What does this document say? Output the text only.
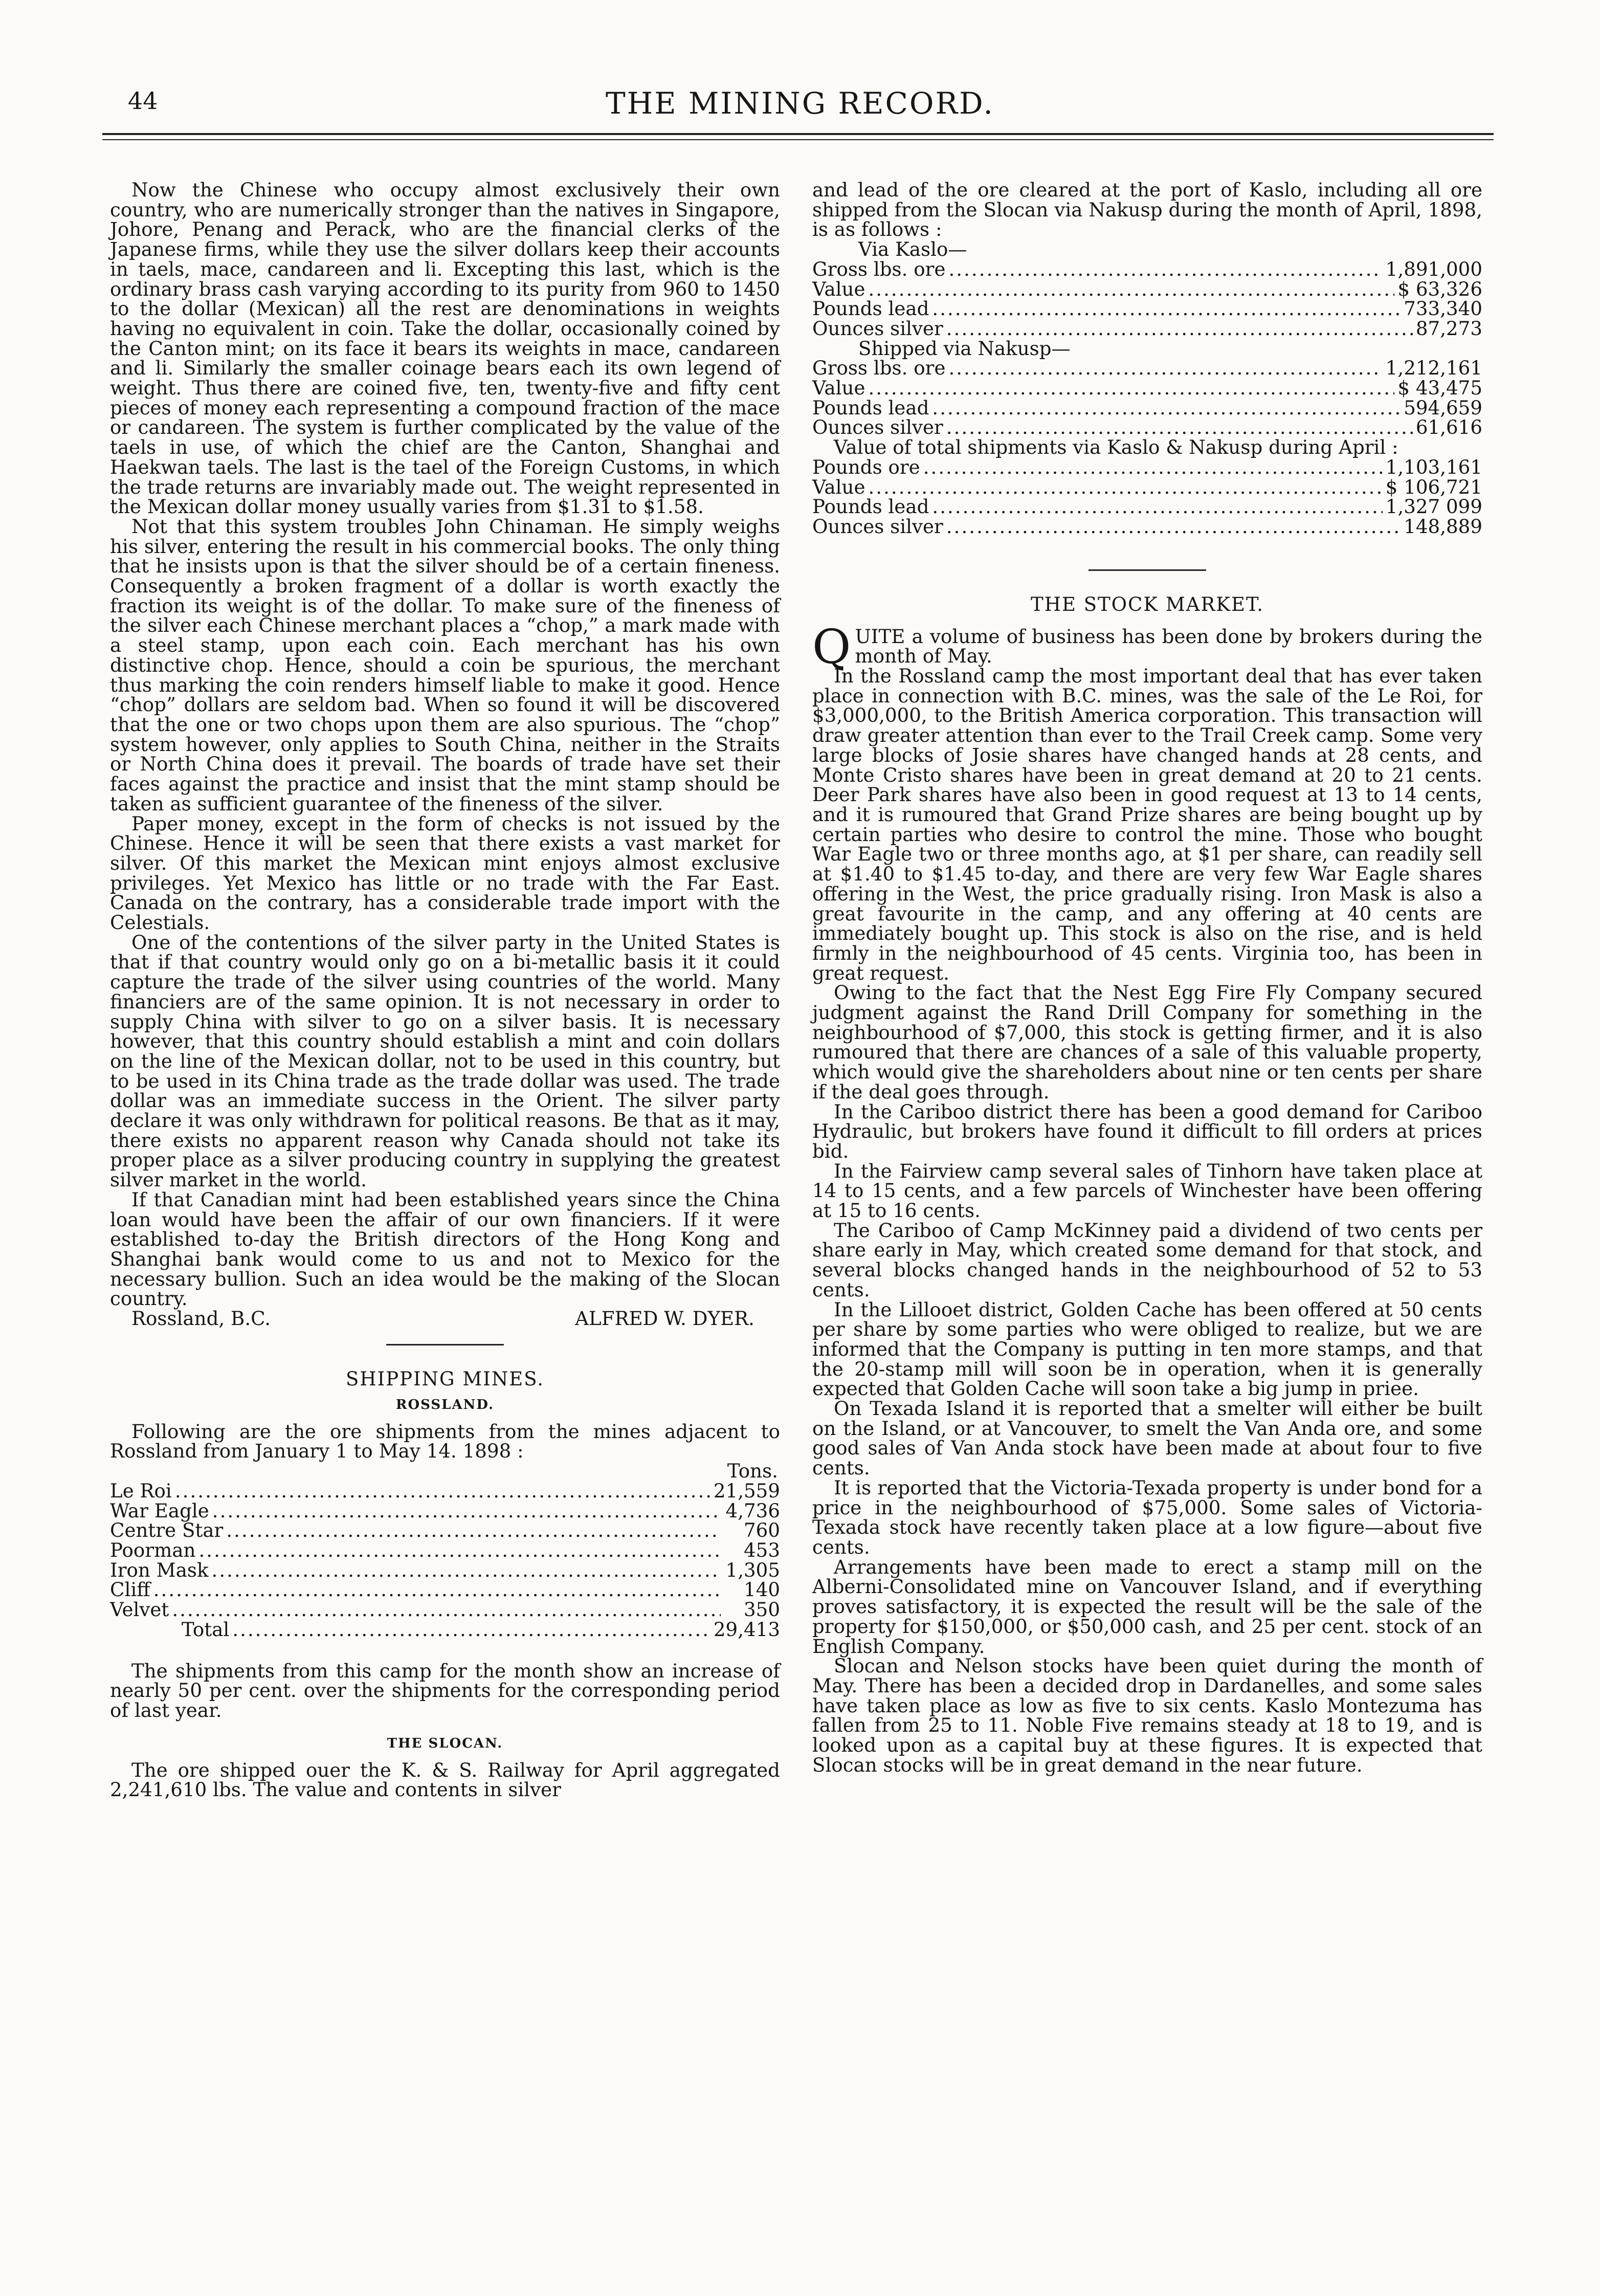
44	THE MINING RECORD.

Now the Chinese who occupy almost exclusively their own country, who are numerically stronger than the natives in Singapore, Johore, Penang and Perack, who are the financial clerks of the Japanese firms, while they use the silver dollars keep their accounts in taels, mace, candareen and li. Excepting this last, which is the ordinary brass cash varying according to its purity from 960 to 1450 to the dollar (Mexican) all the rest are denominations in weights having no equivalent in coin. Take the dollar, occasionally coined by the Canton mint; on its face it bears its weights in mace, candareen and li. Similarly the smaller coinage bears each its own legend of weight. Thus there are coined five, ten, twenty-five and fifty cent pieces of money each representing a compound fraction of the mace or candareen. The system is further complicated by the value of the taels in use, of which the chief are the Canton, Shanghai and Haekwan taels. The last is the tael of the Foreign Customs, in which the trade returns are invariably made out. The weight represented in the Mexican dollar money usually varies from $1.31 to $1.58.

Not that this system troubles John Chinaman. He simply weighs his silver, entering the result in his commercial books. The only thing that he insists upon is that the silver should be of a certain fineness. Consequently a broken fragment of a dollar is worth exactly the fraction its weight is of the dollar. To make sure of the fineness of the silver each Chinese merchant places a “chop,” a mark made with a steel stamp, upon each coin. Each merchant has his own distinctive chop. Hence, should a coin be spurious, the merchant thus marking the coin renders himself liable to make it good. Hence “chop” dollars are seldom bad. When so found it will be discovered that the one or two chops upon them are also spurious. The “chop” system however, only applies to South China, neither in the Straits or North China does it prevail. The boards of trade have set their faces against the practice and insist that the mint stamp should be taken as sufficient guarantee of the fineness of the silver.

Paper money, except in the form of checks is not issued by the Chinese. Hence it will be seen that there exists a vast market for silver. Of this market the Mexican mint enjoys almost exclusive privileges. Yet Mexico has little or no trade with the Far East. Canada on the contrary, has a considerable trade import with the Celestials.

One of the contentions of the silver party in the United States is that if that country would only go on a bi-metallic basis it it could capture the trade of the silver using countries of the world. Many financiers are of the same opinion. It is not necessary in order to supply China with silver to go on a silver basis. It is necessary however, that this country should establish a mint and coin dollars on the line of the Mexican dollar, not to be used in this country, but to be used in its China trade as the trade dollar was used. The trade dollar was an immediate success in the Orient. The silver party declare it was only withdrawn for political reasons. Be that as it may, there exists no apparent reason why Canada should not take its proper place as a silver producing country in supplying the greatest silver market in the world.

If that Canadian mint had been established years since the China loan would have been the affair of our own financiers. If it were established to-day the British directors of the Hong Kong and Shanghai bank would come to us and not to Mexico for the necessary bullion. Such an idea would be the making of the Slocan country.

Rossland, B.C.	ALFRED W. DYER.

SHIPPING MINES.
ROSSLAND.

Following are the ore shipments from the mines adjacent to Rossland from January 1 to May 14. 1898 :

Tons.
Le Roi .....	21,559
War Eagle .....	4,736
Centre Star .....	760
Poorman .....	453
Iron Mask .....	1,305
Cliff .....	140
Velvet .....	350
Total .....	29,413

The shipments from this camp for the month show an increase of nearly 50 per cent. over the shipments for the corresponding period of last year.

THE SLOCAN.

The ore shipped ouer the K. & S. Railway for April aggregated 2,241,610 lbs. The value and contents in silver

and lead of the ore cleared at the port of Kaslo, including all ore shipped from the Slocan via Nakusp during the month of April, 1898, is as follows :

Via Kaslo—
Gross lbs. ore .....	1,891,000
Value .....	$ 63,326
Pounds lead .....	733,340
Ounces silver .....	87,273
Shipped via Nakusp—
Gross lbs. ore .....	1,212,161
Value .....	$ 43,475
Pounds lead .....	594,659
Ounces silver .....	61,616

Value of total shipments via Kaslo & Nakusp during April :

Pounds ore .....	1,103,161
Value .....	$ 106,721
Pounds lead .....	1,327 099
Ounces silver .....	148,889
THE STOCK MARKET.

QUITE a volume of business has been done by brokers during the month of May.

In the Rossland camp the most important deal that has ever taken place in connection with B.C. mines, was the sale of the Le Roi, for $3,000,000, to the British America corporation. This transaction will draw greater attention than ever to the Trail Creek camp. Some very large blocks of Josie shares have changed hands at 28 cents, and Monte Cristo shares have been in great demand at 20 to 21 cents. Deer Park shares have also been in good request at 13 to 14 cents, and it is rumoured that Grand Prize shares are being bought up by certain parties who desire to control the mine. Those who bought War Eagle two or three months ago, at $1 per share, can readily sell at $1.40 to $1.45 to-day, and there are very few War Eagle shares offering in the West, the price gradually rising. Iron Mask is also a great favourite in the camp, and any offering at 40 cents are immediately bought up. This stock is also on the rise, and is held firmly in the neighbourhood of 45 cents. Virginia too, has been in great request.

Owing to the fact that the Nest Egg Fire Fly Company secured judgment against the Rand Drill Company for something in the neighbourhood of $7,000, this stock is getting firmer, and it is also rumoured that there are chances of a sale of this valuable property, which would give the shareholders about nine or ten cents per share if the deal goes through.

In the Cariboo district there has been a good demand for Cariboo Hydraulic, but brokers have found it difficult to fill orders at prices bid.

In the Fairview camp several sales of Tinhorn have taken place at 14 to 15 cents, and a few parcels of Winchester have been offering at 15 to 16 cents.

The Cariboo of Camp McKinney paid a dividend of two cents per share early in May, which created some demand for that stock, and several blocks changed hands in the neighbourhood of 52 to 53 cents.

In the Lillooet district, Golden Cache has been offered at 50 cents per share by some parties who were obliged to realize, but we are informed that the Company is putting in ten more stamps, and that the 20-stamp mill will soon be in operation, when it is generally expected that Golden Cache will soon take a big jump in priee.

On Texada Island it is reported that a smelter will either be built on the Island, or at Vancouver, to smelt the Van Anda ore, and some good sales of Van Anda stock have been made at about four to five cents.

It is reported that the Victoria-Texada property is under bond for a price in the neighbourhood of $75,000. Some sales of Victoria-Texada stock have recently taken place at a low figure—about five cents.

Arrangements have been made to erect a stamp mill on the Alberni-Consolidated mine on Vancouver Island, and if everything proves satisfactory, it is expected the result will be the sale of the property for $150,000, or $50,000 cash, and 25 per cent. stock of an English Company.

Slocan and Nelson stocks have been quiet during the month of May. There has been a decided drop in Dardanelles, and some sales have taken place as low as five to six cents. Kaslo Montezuma has fallen from 25 to 11. Noble Five remains steady at 18 to 19, and is looked upon as a capital buy at these figures. It is expected that Slocan stocks will be in great demand in the near future.
